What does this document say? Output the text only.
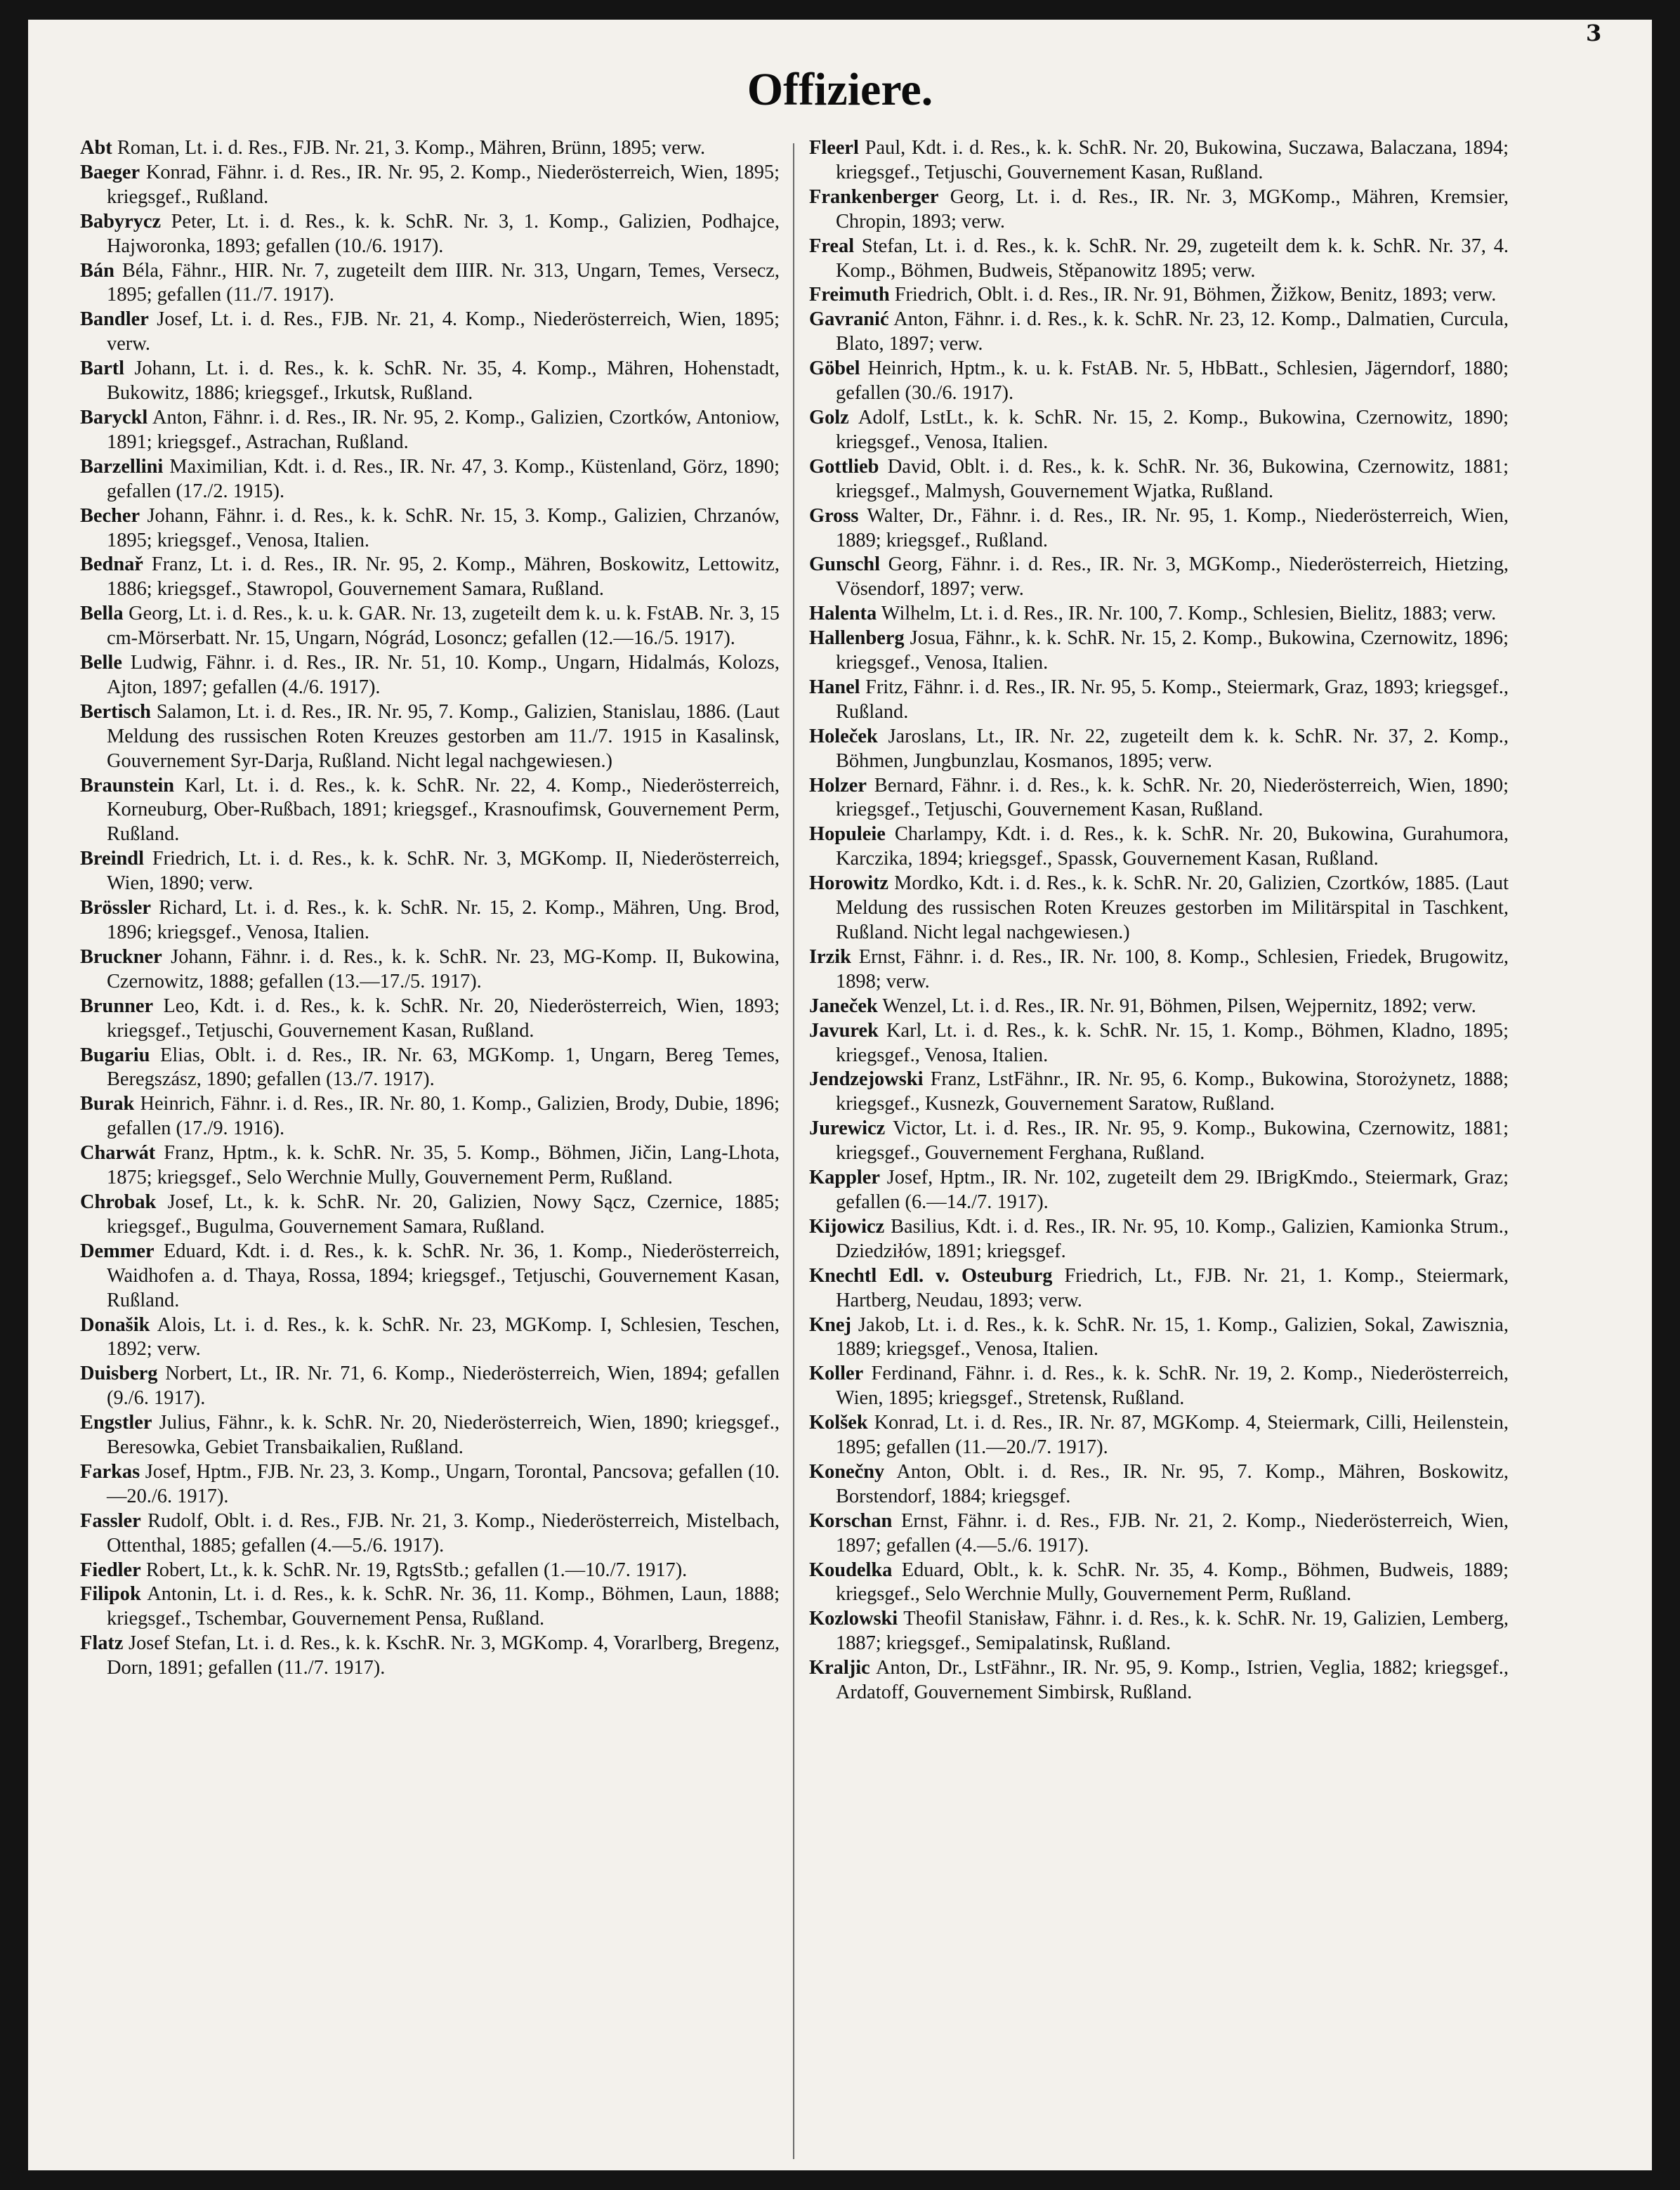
3
Offiziere.

Abt Roman, Lt. i. d. Res., FJB. Nr. 21, 3. Komp., Mähren, Brünn, 1895; verw.

Baeger Konrad, Fähnr. i. d. Res., IR. Nr. 95, 2. Komp., Niederösterreich, Wien, 1895; kriegsgef., Rußland.

Babyrycz Peter, Lt. i. d. Res., k. k. SchR. Nr. 3, 1. Komp., Galizien, Podhajce, Hajworonka, 1893; gefallen (10./6. 1917).

Bán Béla, Fähnr., HIR. Nr. 7, zugeteilt dem IIIR. Nr. 313, Ungarn, Temes, Versecz, 1895; gefallen (11./7. 1917).

Bandler Josef, Lt. i. d. Res., FJB. Nr. 21, 4. Komp., Niederösterreich, Wien, 1895; verw.

Bartl Johann, Lt. i. d. Res., k. k. SchR. Nr. 35, 4. Komp., Mähren, Hohenstadt, Bukowitz, 1886; kriegsgef., Irkutsk, Rußland.

Baryckl Anton, Fähnr. i. d. Res., IR. Nr. 95, 2. Komp., Galizien, Czortków, Antoniow, 1891; kriegsgef., Astrachan, Rußland.

Barzellini Maximilian, Kdt. i. d. Res., IR. Nr. 47, 3. Komp., Küstenland, Görz, 1890; gefallen (17./2. 1915).

Becher Johann, Fähnr. i. d. Res., k. k. SchR. Nr. 15, 3. Komp., Galizien, Chrzanów, 1895; kriegsgef., Venosa, Italien.

Bednař Franz, Lt. i. d. Res., IR. Nr. 95, 2. Komp., Mähren, Boskowitz, Lettowitz, 1886; kriegsgef., Stawropol, Gouvernement Samara, Rußland.

Bella Georg, Lt. i. d. Res., k. u. k. GAR. Nr. 13, zugeteilt dem k. u. k. FstAB. Nr. 3, 15 cm-Mörserbatt. Nr. 15, Ungarn, Nógrád, Losoncz; gefallen (12.—16./5. 1917).

Belle Ludwig, Fähnr. i. d. Res., IR. Nr. 51, 10. Komp., Ungarn, Hidalmás, Kolozs, Ajton, 1897; gefallen (4./6. 1917).

Bertisch Salamon, Lt. i. d. Res., IR. Nr. 95, 7. Komp., Galizien, Stanislau, 1886. (Laut Meldung des russischen Roten Kreuzes gestorben am 11./7. 1915 in Kasalinsk, Gouvernement Syr-Darja, Rußland. Nicht legal nachgewiesen.)

Braunstein Karl, Lt. i. d. Res., k. k. SchR. Nr. 22, 4. Komp., Niederösterreich, Korneuburg, Ober-Rußbach, 1891; kriegsgef., Krasnoufimsk, Gouvernement Perm, Rußland.

Breindl Friedrich, Lt. i. d. Res., k. k. SchR. Nr. 3, MGKomp. II, Niederösterreich, Wien, 1890; verw.

Brössler Richard, Lt. i. d. Res., k. k. SchR. Nr. 15, 2. Komp., Mähren, Ung. Brod, 1896; kriegsgef., Venosa, Italien.

Bruckner Johann, Fähnr. i. d. Res., k. k. SchR. Nr. 23, MG-Komp. II, Bukowina, Czernowitz, 1888; gefallen (13.—17./5. 1917).

Brunner Leo, Kdt. i. d. Res., k. k. SchR. Nr. 20, Niederösterreich, Wien, 1893; kriegsgef., Tetjuschi, Gouvernement Kasan, Rußland.

Bugariu Elias, Oblt. i. d. Res., IR. Nr. 63, MGKomp. 1, Ungarn, Bereg Temes, Beregszász, 1890; gefallen (13./7. 1917).

Burak Heinrich, Fähnr. i. d. Res., IR. Nr. 80, 1. Komp., Galizien, Brody, Dubie, 1896; gefallen (17./9. 1916).

Charwát Franz, Hptm., k. k. SchR. Nr. 35, 5. Komp., Böhmen, Jičin, Lang-Lhota, 1875; kriegsgef., Selo Werchnie Mully, Gouvernement Perm, Rußland.

Chrobak Josef, Lt., k. k. SchR. Nr. 20, Galizien, Nowy Sącz, Czernice, 1885; kriegsgef., Bugulma, Gouvernement Samara, Rußland.

Demmer Eduard, Kdt. i. d. Res., k. k. SchR. Nr. 36, 1. Komp., Niederösterreich, Waidhofen a. d. Thaya, Rossa, 1894; kriegsgef., Tetjuschi, Gouvernement Kasan, Rußland.

Donašik Alois, Lt. i. d. Res., k. k. SchR. Nr. 23, MGKomp. I, Schlesien, Teschen, 1892; verw.

Duisberg Norbert, Lt., IR. Nr. 71, 6. Komp., Niederösterreich, Wien, 1894; gefallen (9./6. 1917).

Engstler Julius, Fähnr., k. k. SchR. Nr. 20, Niederösterreich, Wien, 1890; kriegsgef., Beresowka, Gebiet Transbaikalien, Rußland.

Farkas Josef, Hptm., FJB. Nr. 23, 3. Komp., Ungarn, Torontal, Pancsova; gefallen (10.—20./6. 1917).

Fassler Rudolf, Oblt. i. d. Res., FJB. Nr. 21, 3. Komp., Niederösterreich, Mistelbach, Ottenthal, 1885; gefallen (4.—5./6. 1917).

Fiedler Robert, Lt., k. k. SchR. Nr. 19, RgtsStb.; gefallen (1.—10./7. 1917).

Filipok Antonin, Lt. i. d. Res., k. k. SchR. Nr. 36, 11. Komp., Böhmen, Laun, 1888; kriegsgef., Tschembar, Gouvernement Pensa, Rußland.

Flatz Josef Stefan, Lt. i. d. Res., k. k. KschR. Nr. 3, MGKomp. 4, Vorarlberg, Bregenz, Dorn, 1891; gefallen (11./7. 1917).

Fleerl Paul, Kdt. i. d. Res., k. k. SchR. Nr. 20, Bukowina, Suczawa, Balaczana, 1894; kriegsgef., Tetjuschi, Gouvernement Kasan, Rußland.

Frankenberger Georg, Lt. i. d. Res., IR. Nr. 3, MGKomp., Mähren, Kremsier, Chropin, 1893; verw.

Freal Stefan, Lt. i. d. Res., k. k. SchR. Nr. 29, zugeteilt dem k. k. SchR. Nr. 37, 4. Komp., Böhmen, Budweis, Stěpanowitz 1895; verw.

Freimuth Friedrich, Oblt. i. d. Res., IR. Nr. 91, Böhmen, Žižkow, Benitz, 1893; verw.

Gavranić Anton, Fähnr. i. d. Res., k. k. SchR. Nr. 23, 12. Komp., Dalmatien, Curcula, Blato, 1897; verw.

Göbel Heinrich, Hptm., k. u. k. FstAB. Nr. 5, HbBatt., Schlesien, Jägerndorf, 1880; gefallen (30./6. 1917).

Golz Adolf, LstLt., k. k. SchR. Nr. 15, 2. Komp., Bukowina, Czernowitz, 1890; kriegsgef., Venosa, Italien.

Gottlieb David, Oblt. i. d. Res., k. k. SchR. Nr. 36, Bukowina, Czernowitz, 1881; kriegsgef., Malmysh, Gouvernement Wjatka, Rußland.

Gross Walter, Dr., Fähnr. i. d. Res., IR. Nr. 95, 1. Komp., Niederösterreich, Wien, 1889; kriegsgef., Rußland.

Gunschl Georg, Fähnr. i. d. Res., IR. Nr. 3, MGKomp., Niederösterreich, Hietzing, Vösendorf, 1897; verw.

Halenta Wilhelm, Lt. i. d. Res., IR. Nr. 100, 7. Komp., Schlesien, Bielitz, 1883; verw.

Hallenberg Josua, Fähnr., k. k. SchR. Nr. 15, 2. Komp., Bukowina, Czernowitz, 1896; kriegsgef., Venosa, Italien.

Hanel Fritz, Fähnr. i. d. Res., IR. Nr. 95, 5. Komp., Steiermark, Graz, 1893; kriegsgef., Rußland.

Holeček Jaroslans, Lt., IR. Nr. 22, zugeteilt dem k. k. SchR. Nr. 37, 2. Komp., Böhmen, Jungbunzlau, Kosmanos, 1895; verw.

Holzer Bernard, Fähnr. i. d. Res., k. k. SchR. Nr. 20, Niederösterreich, Wien, 1890; kriegsgef., Tetjuschi, Gouvernement Kasan, Rußland.

Hopuleie Charlampy, Kdt. i. d. Res., k. k. SchR. Nr. 20, Bukowina, Gurahumora, Karczika, 1894; kriegsgef., Spassk, Gouvernement Kasan, Rußland.

Horowitz Mordko, Kdt. i. d. Res., k. k. SchR. Nr. 20, Galizien, Czortków, 1885. (Laut Meldung des russischen Roten Kreuzes gestorben im Militärspital in Taschkent, Rußland. Nicht legal nachgewiesen.)

Irzik Ernst, Fähnr. i. d. Res., IR. Nr. 100, 8. Komp., Schlesien, Friedek, Brugowitz, 1898; verw.

Janeček Wenzel, Lt. i. d. Res., IR. Nr. 91, Böhmen, Pilsen, Wejpernitz, 1892; verw.

Javurek Karl, Lt. i. d. Res., k. k. SchR. Nr. 15, 1. Komp., Böhmen, Kladno, 1895; kriegsgef., Venosa, Italien.

Jendzejowski Franz, LstFähnr., IR. Nr. 95, 6. Komp., Bukowina, Storożynetz, 1888; kriegsgef., Kusnezk, Gouvernement Saratow, Rußland.

Jurewicz Victor, Lt. i. d. Res., IR. Nr. 95, 9. Komp., Bukowina, Czernowitz, 1881; kriegsgef., Gouvernement Ferghana, Rußland.

Kappler Josef, Hptm., IR. Nr. 102, zugeteilt dem 29. IBrigKmdo., Steiermark, Graz; gefallen (6.—14./7. 1917).

Kijowicz Basilius, Kdt. i. d. Res., IR. Nr. 95, 10. Komp., Galizien, Kamionka Strum., Dziedziłów, 1891; kriegsgef.

Knechtl Edl. v. Osteuburg Friedrich, Lt., FJB. Nr. 21, 1. Komp., Steiermark, Hartberg, Neudau, 1893; verw.

Knej Jakob, Lt. i. d. Res., k. k. SchR. Nr. 15, 1. Komp., Galizien, Sokal, Zawisznia, 1889; kriegsgef., Venosa, Italien.

Koller Ferdinand, Fähnr. i. d. Res., k. k. SchR. Nr. 19, 2. Komp., Niederösterreich, Wien, 1895; kriegsgef., Stretensk, Rußland.

Kolšek Konrad, Lt. i. d. Res., IR. Nr. 87, MGKomp. 4, Steiermark, Cilli, Heilenstein, 1895; gefallen (11.—20./7. 1917).

Konečny Anton, Oblt. i. d. Res., IR. Nr. 95, 7. Komp., Mähren, Boskowitz, Borstendorf, 1884; kriegsgef.

Korschan Ernst, Fähnr. i. d. Res., FJB. Nr. 21, 2. Komp., Niederösterreich, Wien, 1897; gefallen (4.—5./6. 1917).

Koudelka Eduard, Oblt., k. k. SchR. Nr. 35, 4. Komp., Böhmen, Budweis, 1889; kriegsgef., Selo Werchnie Mully, Gouvernement Perm, Rußland.

Kozlowski Theofil Stanisław, Fähnr. i. d. Res., k. k. SchR. Nr. 19, Galizien, Lemberg, 1887; kriegsgef., Semipalatinsk, Rußland.

Kraljic Anton, Dr., LstFähnr., IR. Nr. 95, 9. Komp., Istrien, Veglia, 1882; kriegsgef., Ardatoff, Gouvernement Simbirsk, Rußland.
